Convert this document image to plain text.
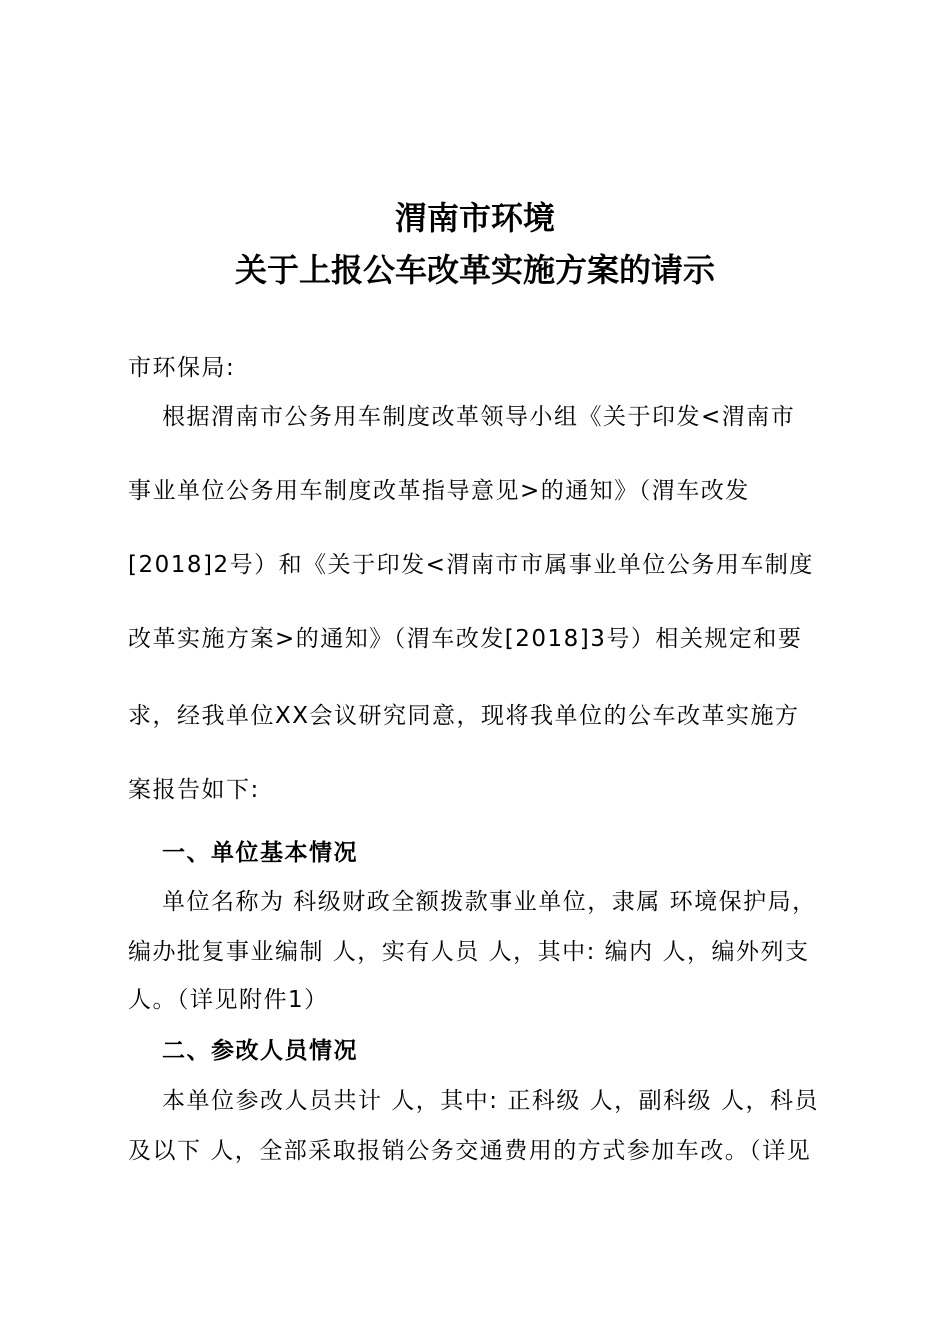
渭南市环境
关于上报公车改革实施方案的请示
市环保局:
根据渭南市公务用车制度改革领导小组《关于印发<渭南市
事业单位公务用车制度改革指导意见>的通知》（渭车改发
[2018]2号）和《关于印发<渭南市市属事业单位公务用车制度
改革实施方案>的通知》（渭车改发[2018]3号）相关规定和要
求，经我单位XX会议研究同意，现将我单位的公车改革实施方
案报告如下:
一、单位基本情况
单位名称为 科级财政全额拨款事业单位，隶属 环境保护局，
编办批复事业编制 人，实有人员 人，其中: 编内 人，编外列支
人。（详见附件1）
二、参改人员情况
本单位参改人员共计 人，其中: 正科级 人，副科级 人，科员
及以下 人，全部采取报销公务交通费用的方式参加车改。（详见
